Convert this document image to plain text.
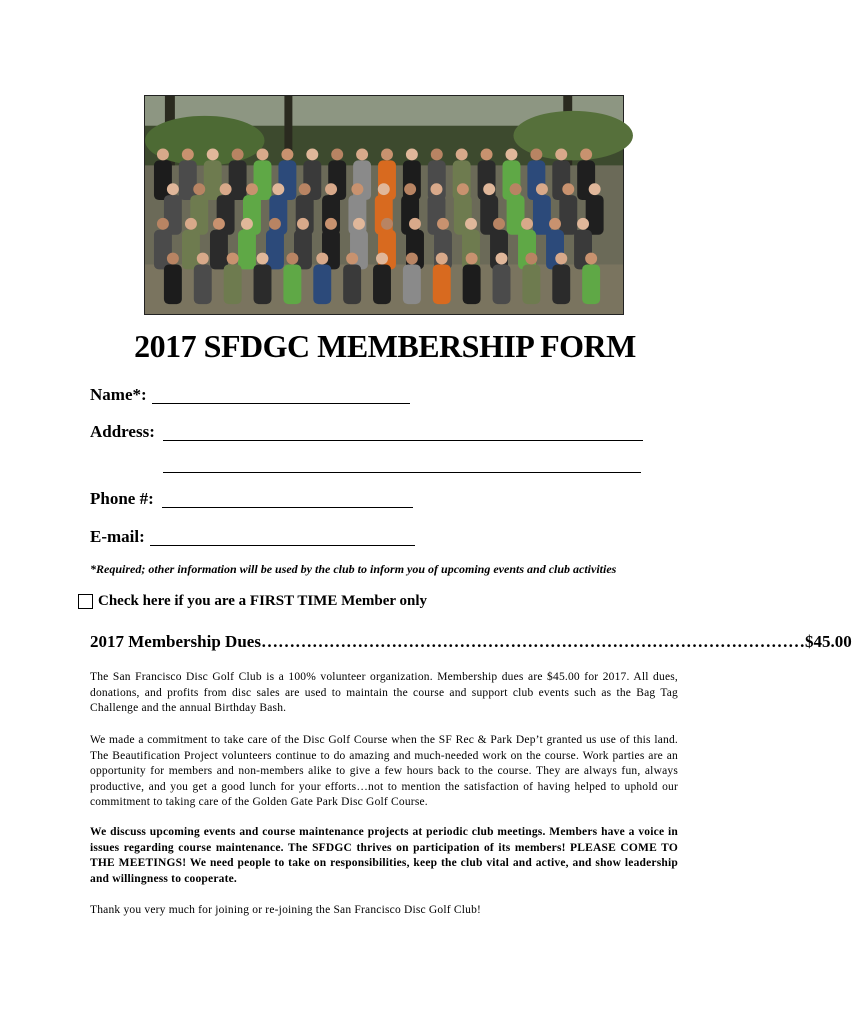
2017 SFDGC MEMBERSHIP FORM
Name*:
Address:
Phone #:
E-mail:
*Required; other information will be used by the club to inform you of upcoming events and club activities
Check here if you are a FIRST TIME Member only
2017 Membership Dues …………………………………………………………………………………… $45.00
The San Francisco Disc Golf Club is a 100% volunteer organization. Membership dues are $45.00 for 2017. All dues, donations, and profits from disc sales are used to maintain the course and support club events such as the Bag Tag Challenge and the annual Birthday Bash.
We made a commitment to take care of the Disc Golf Course when the SF Rec & Park Dep’t granted us use of this land. The Beautification Project volunteers continue to do amazing and much-needed work on the course. Work parties are an opportunity for members and non-members alike to give a few hours back to the course. They are always fun, always productive, and you get a good lunch for your efforts…not to mention the satisfaction of having helped to uphold our commitment to taking care of the Golden Gate Park Disc Golf Course.
We discuss upcoming events and course maintenance projects at periodic club meetings. Members have a voice in issues regarding course maintenance. The SFDGC thrives on participation of its members! PLEASE COME TO THE MEETINGS! We need people to take on responsibilities, keep the club vital and active, and show leadership and willingness to cooperate.
Thank you very much for joining or re-joining the San Francisco Disc Golf Club!
